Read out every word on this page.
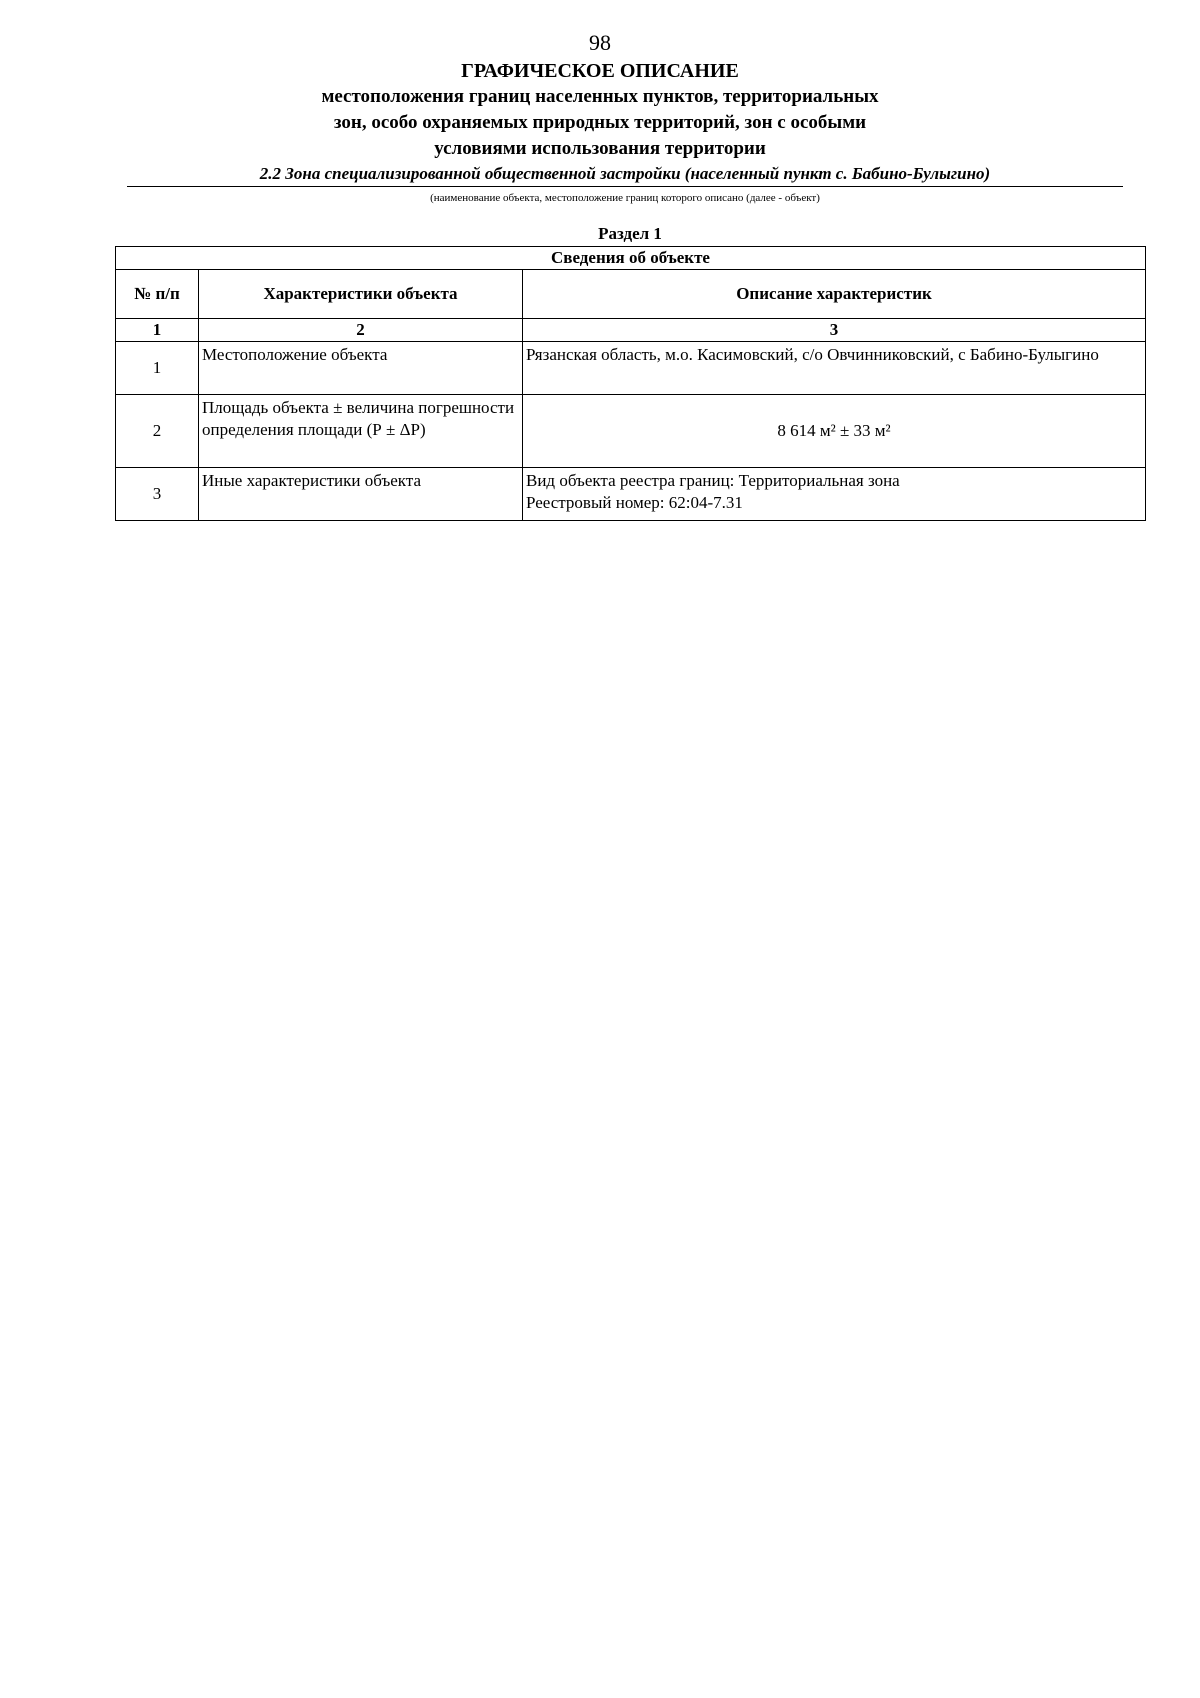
98
ГРАФИЧЕСКОЕ ОПИСАНИЕ
местоположения границ населенных пунктов, территориальных
зон, особо охраняемых природных территорий, зон с особыми
условиями использования территории
2.2 Зона специализированной общественной застройки (населенный пункт с. Бабино-Булыгино)
(наименование объекта, местоположение границ которого описано (далее - объект)
Раздел 1
Сведения об объекте		
№ п/п	Характеристики объекта	Описание характеристик
1	2	3
1	Местоположение объекта	Рязанская область, м.о. Касимовский, с/о Овчинниковский, с Бабино-Булыгино

2	Площадь объекта ± величина погрешности определения площади (Р ± ΔР)	8 614 м² ± 33 м²

3	Иные характеристики объекта	Вид объекта реестра границ: Территориальная зона
Реестровый номер: 62:04-7.31
